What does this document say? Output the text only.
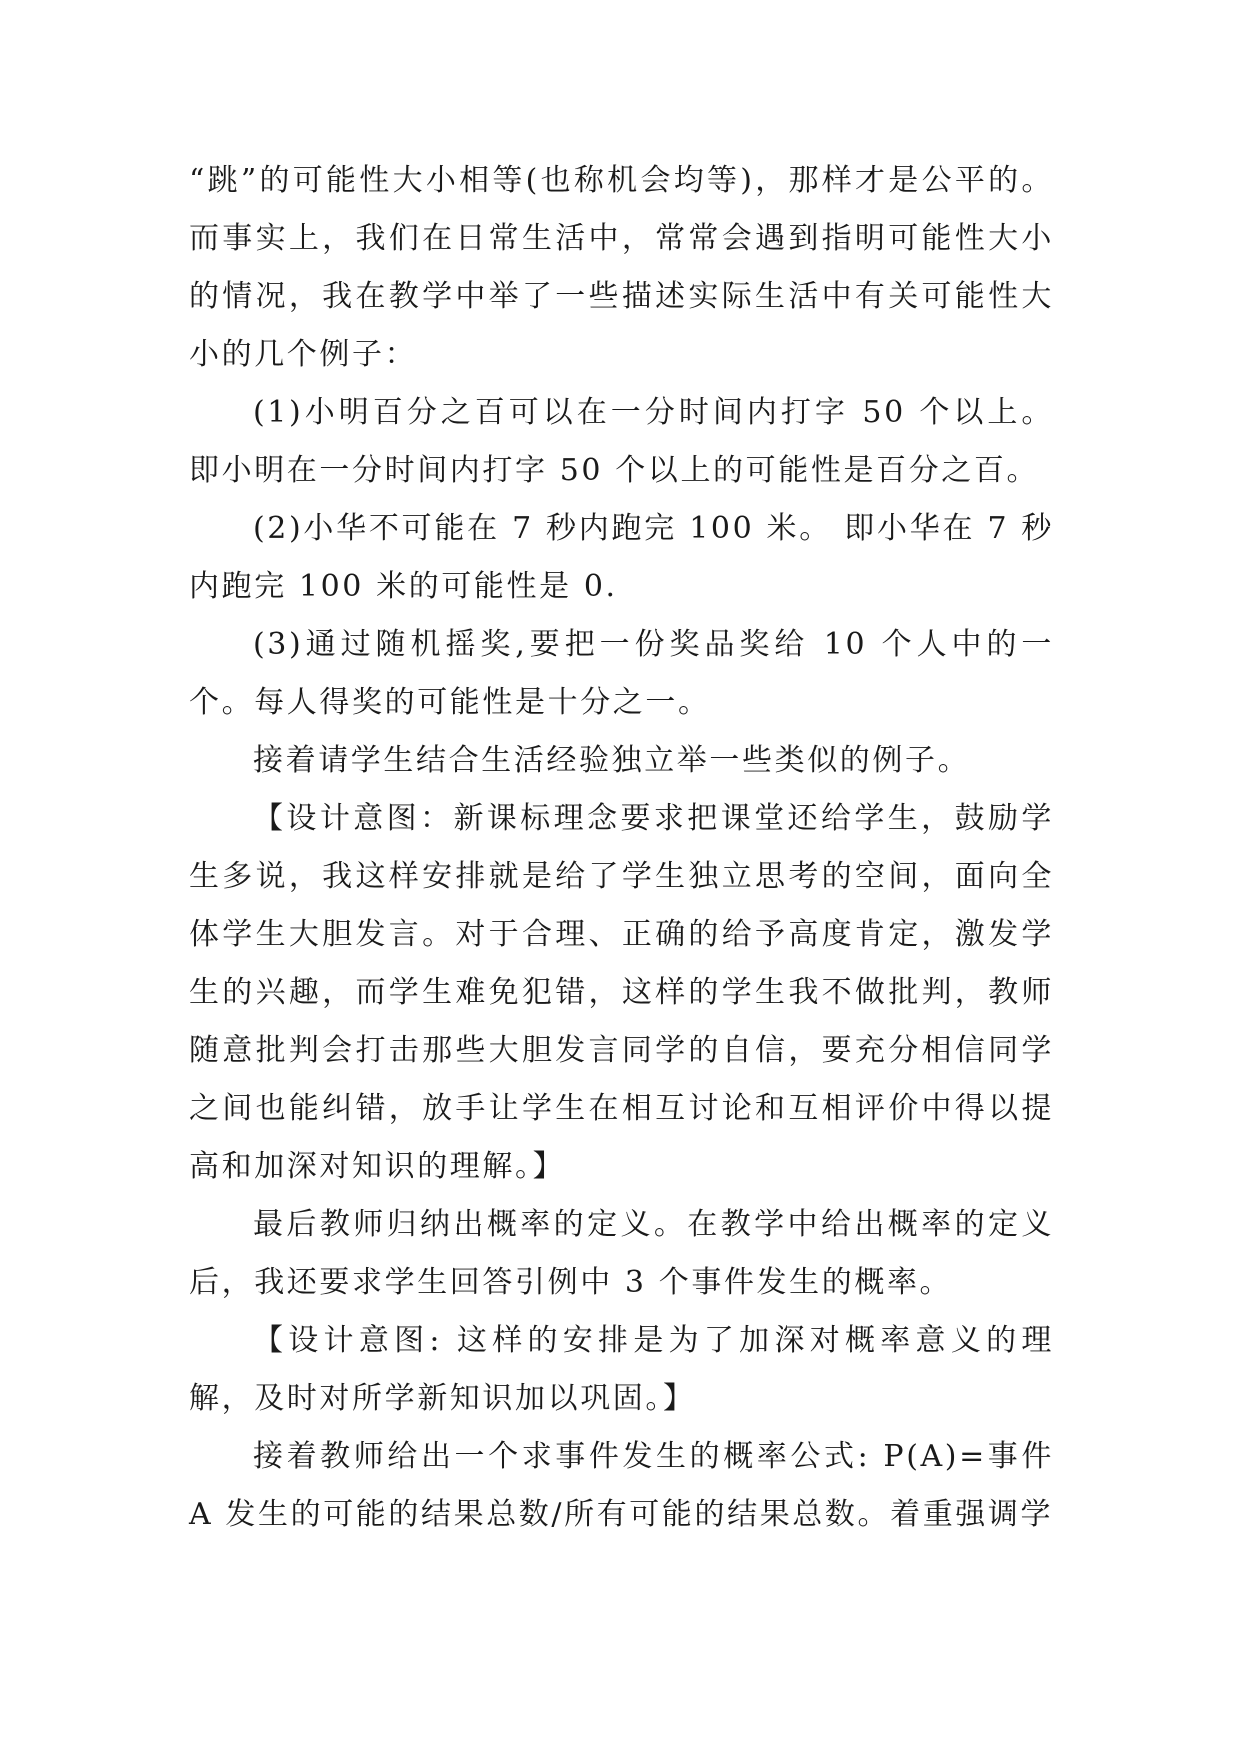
“跳”的可能性大小相等(也称机会均等)，那样才是公平的。而事实上，我们在日常生活中，常常会遇到指明可能性大小的情况，我在教学中举了一些描述实际生活中有关可能性大小的几个例子：

(1)小明百分之百可以在一分时间内打字 50 个以上。即小明在一分时间内打字 50 个以上的可能性是百分之百。

(2)小华不可能在 7 秒内跑完 100 米。 即小华在 7 秒内跑完 100 米的可能性是 0.

(3)通过随机摇奖,要把一份奖品奖给 10 个人中的一个。每人得奖的可能性是十分之一。

接着请学生结合生活经验独立举一些类似的例子。

【设计意图：新课标理念要求把课堂还给学生，鼓励学生多说，我这样安排就是给了学生独立思考的空间，面向全体学生大胆发言。对于合理、正确的给予高度肯定，激发学生的兴趣，而学生难免犯错，这样的学生我不做批判，教师随意批判会打击那些大胆发言同学的自信，要充分相信同学之间也能纠错，放手让学生在相互讨论和互相评价中得以提高和加深对知识的理解。】

最后教师归纳出概率的定义。在教学中给出概率的定义后，我还要求学生回答引例中 3 个事件发生的概率。

【设计意图: 这样的安排是为了加深对概率意义的理解，及时对所学新知识加以巩固。】

接着教师给出一个求事件发生的概率公式: P(A)=事件 A 发生的可能的结果总数/所有可能的结果总数。着重强调学
